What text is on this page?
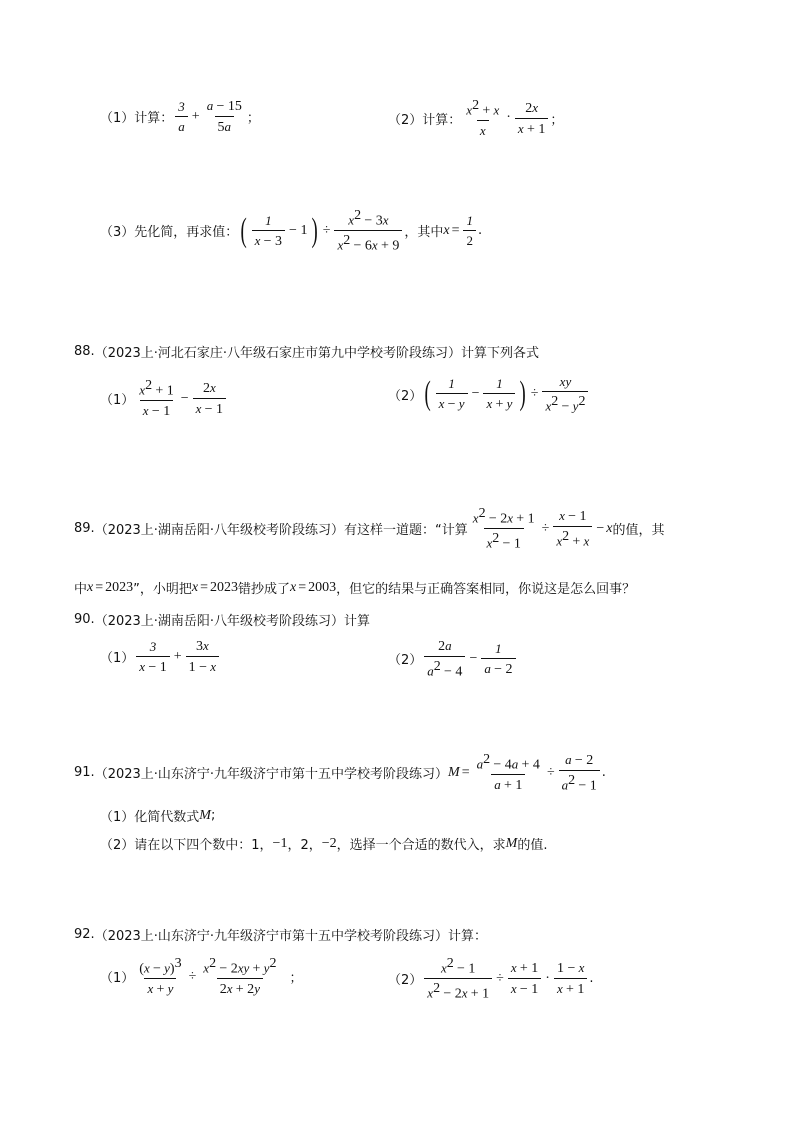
（1）计算： $\frac{3}{a} + \frac{a - 15}{5a}$ ；	（2）计算： $\frac{x^2 + x}{x} \cdot \frac{2x}{x + 1}$ ；
（3）先化简，再求值： ( $\frac{1}{x - 3} - 1$ ) ÷ $\frac{x^2 - 3x}{x^2 - 6x + 9}$ ，其中 $x = \frac{1}{2}$ .
88. （2023上·河北石家庄·八年级石家庄市第九中学校考阶段练习）计算下列各式
$(1) \frac{x^2 + 1}{x - 1} - \frac{2x}{x - 1}$	（2） ( $\frac{1}{x - y} - \frac{1}{x + y}$ ) ÷ $\frac{xy}{x^2 - y^2}$
89. （2023上·湖南岳阳·八年级校考阶段练习）有这样一道题：“计算 $\frac{x^2 - 2x + 1}{x^2 - 1} \div \frac{x - 1}{x^2 + x} - x$ 的值，其
中 x = 2023 ”，小明把 x = 2023 错抄成了 x = 2003 ，但它的结果与正确答案相同，你说这是怎么回事？
90. （2023上·湖南岳阳·八年级校考阶段练习）计算
$(1) \frac{3}{x - 1} + \frac{3x}{1 - x}$	$(2) \frac{2a}{a^2 - 4} - \frac{1}{a - 2}$
91. （2023上·山东济宁·九年级济宁市第十五中学校考阶段练习） $M = \frac{a^2 - 4a + 4}{a + 1} \div \frac{a - 2}{a^2 - 1}$ .
（1）化简代数式 M ;
（2）请在以下四个数中：1， −1 ，2， −2 ，选择一个合适的数代入，求 M 的值.
92. （2023上·山东济宁·九年级济宁市第十五中学校考阶段练习）计算：
$(1) \frac{(x - y)^3}{x + y} \div \frac{x^2 - 2xy + y^2}{2x + 2y}$ ；	$(2) \frac{x^2 - 1}{x^2 - 2x + 1} \div \frac{x + 1}{x - 1} \cdot \frac{1 - x}{x + 1}$ .
